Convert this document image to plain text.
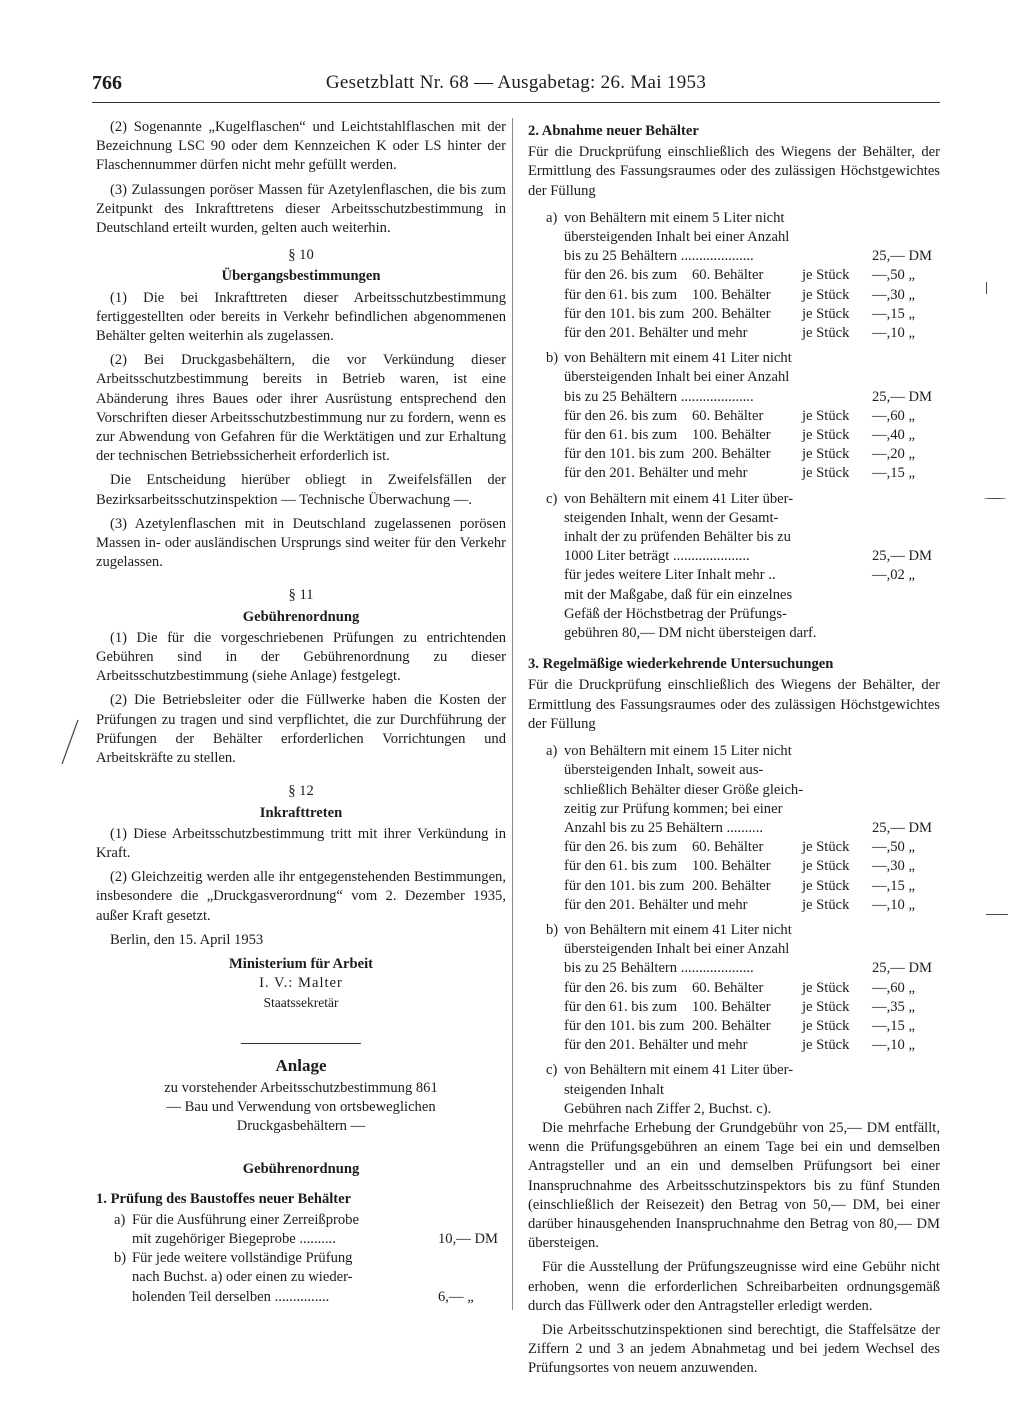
766	Gesetzblatt Nr. 68 — Ausgabetag: 26. Mai 1953

(2) Sogenannte „Kugelflaschen“ und Leichtstahlflaschen mit der Bezeichnung LSC 90 oder dem Kennzeichen K oder LS hinter der Flaschennummer dürfen nicht mehr gefüllt werden.

(3) Zulassungen poröser Massen für Azetylenflaschen, die bis zum Zeitpunkt des Inkrafttretens dieser Arbeitsschutzbestimmung in Deutschland erteilt wurden, gelten auch weiterhin.

§ 10
Übergangsbestimmungen

(1) Die bei Inkrafttreten dieser Arbeitsschutzbestimmung fertiggestellten oder bereits in Verkehr befindlichen abgenommenen Behälter gelten weiterhin als zugelassen.

(2) Bei Druckgasbehältern, die vor Verkündung dieser Arbeitsschutzbestimmung bereits in Betrieb waren, ist eine Abänderung ihres Baues oder ihrer Ausrüstung entsprechend den Vorschriften dieser Arbeitsschutzbestimmung nur zu fordern, wenn es zur Abwendung von Gefahren für die Werktätigen und zur Erhaltung der technischen Betriebssicherheit erforderlich ist.

Die Entscheidung hierüber obliegt in Zweifelsfällen der Bezirksarbeitsschutzinspektion — Technische Überwachung —.

(3) Azetylenflaschen mit in Deutschland zugelassenen porösen Massen in- oder ausländischen Ursprungs sind weiter für den Verkehr zugelassen.

§ 11
Gebührenordnung

(1) Die für die vorgeschriebenen Prüfungen zu entrichtenden Gebühren sind in der Gebührenordnung zu dieser Arbeitsschutzbestimmung (siehe Anlage) festgelegt.

(2) Die Betriebsleiter oder die Füllwerke haben die Kosten der Prüfungen zu tragen und sind verpflichtet, die zur Durchführung der Prüfungen der Behälter erforderlichen Vorrichtungen und Arbeitskräfte zu stellen.

§ 12
Inkrafttreten

(1) Diese Arbeitsschutzbestimmung tritt mit ihrer Verkündung in Kraft.

(2) Gleichzeitig werden alle ihr entgegenstehenden Bestimmungen, insbesondere die „Druckgasverordnung“ vom 2. Dezember 1935, außer Kraft gesetzt.

Berlin, den 15. April 1953

Ministerium für Arbeit
I. V.: Malter
Staatssekretär
Anlage
zu vorstehender Arbeitsschutzbestimmung 861
— Bau und Verwendung von ortsbeweglichen
Druckgasbehältern —
Gebührenordnung
1. Prüfung des Baustoffes neuer Behälter
a) Für die Ausführung einer Zerreißprobe
mit zugehöriger Biegeprobe ..........	10,— DM
b) Für jede weitere vollständige Prüfung
nach Buchst. a) oder einen zu wieder-
holenden Teil derselben ...............	6,— „
2. Abnahme neuer Behälter

Für die Druckprüfung einschließlich des Wiegens der Behälter, der Ermittlung des Fassungsraumes oder des zulässigen Höchstgewichtes der Füllung

a) von Behältern mit einem 5 Liter nicht
übersteigenden Inhalt bei einer Anzahl
bis zu 25 Behältern ....................	25,— DM
für den 26. bis zum	60. Behälter	je Stück	—,50 „
für den 61. bis zum	100. Behälter	je Stück	—,30 „
für den 101. bis zum 200. Behälter	je Stück	—,15 „
für den 201. Behälter und mehr	je Stück	—,10 „
b) von Behältern mit einem 41 Liter nicht
übersteigenden Inhalt bei einer Anzahl
bis zu 25 Behältern ....................	25,— DM
für den 26. bis zum	60. Behälter	je Stück	—,60 „
für den 61. bis zum	100. Behälter	je Stück	—,40 „
für den 101. bis zum 200. Behälter	je Stück	—,20 „
für den 201. Behälter und mehr	je Stück	—,15 „
c) von Behältern mit einem 41 Liter über-
steigenden Inhalt, wenn der Gesamt-
inhalt der zu prüfenden Behälter bis zu
1000 Liter beträgt .....................	25,— DM
für jedes weitere Liter Inhalt mehr ..	—,02 „
mit der Maßgabe, daß für ein einzelnes
Gefäß der Höchstbetrag der Prüfungs-
gebühren 80,— DM nicht übersteigen darf.
3. Regelmäßige wiederkehrende Untersuchungen

Für die Druckprüfung einschließlich des Wiegens der Behälter, der Ermittlung des Fassungsraumes oder des zulässigen Höchstgewichtes der Füllung

a) von Behältern mit einem 15 Liter nicht
übersteigenden Inhalt, soweit aus-
schließlich Behälter dieser Größe gleich-
zeitig zur Prüfung kommen; bei einer
Anzahl bis zu 25 Behältern ..........	25,— DM
für den 26. bis zum	60. Behälter	je Stück	—,50 „
für den 61. bis zum	100. Behälter	je Stück	—,30 „
für den 101. bis zum 200. Behälter	je Stück	—,15 „
für den 201. Behälter und mehr	je Stück	—,10 „
b) von Behältern mit einem 41 Liter nicht
übersteigenden Inhalt bei einer Anzahl
bis zu 25 Behältern ....................	25,— DM
für den 26. bis zum	60. Behälter	je Stück	—,60 „
für den 61. bis zum	100. Behälter	je Stück	—,35 „
für den 101. bis zum 200. Behälter	je Stück	—,15 „
für den 201. Behälter und mehr	je Stück	—,10 „
c) von Behältern mit einem 41 Liter über-
steigenden Inhalt
Gebühren nach Ziffer 2, Buchst. c).

Die mehrfache Erhebung der Grundgebühr von 25,— DM entfällt, wenn die Prüfungsgebühren an einem Tage bei ein und demselben Antragsteller und an ein und demselben Prüfungsort bei einer Inanspruchnahme des Arbeitsschutzinspektors bis zu fünf Stunden (einschließlich der Reisezeit) den Betrag von 50,— DM, bei einer darüber hinausgehenden Inanspruchnahme den Betrag von 80,— DM übersteigen.

Für die Ausstellung der Prüfungszeugnisse wird eine Gebühr nicht erhoben, wenn die erforderlichen Schreibarbeiten ordnungsgemäß durch das Füllwerk oder den Antragsteller erledigt werden.

Die Arbeitsschutzinspektionen sind berechtigt, die Staffelsätze der Ziffern 2 und 3 an jedem Abnahmetag und bei jedem Wechsel des Prüfungsortes von neuem anzuwenden.
